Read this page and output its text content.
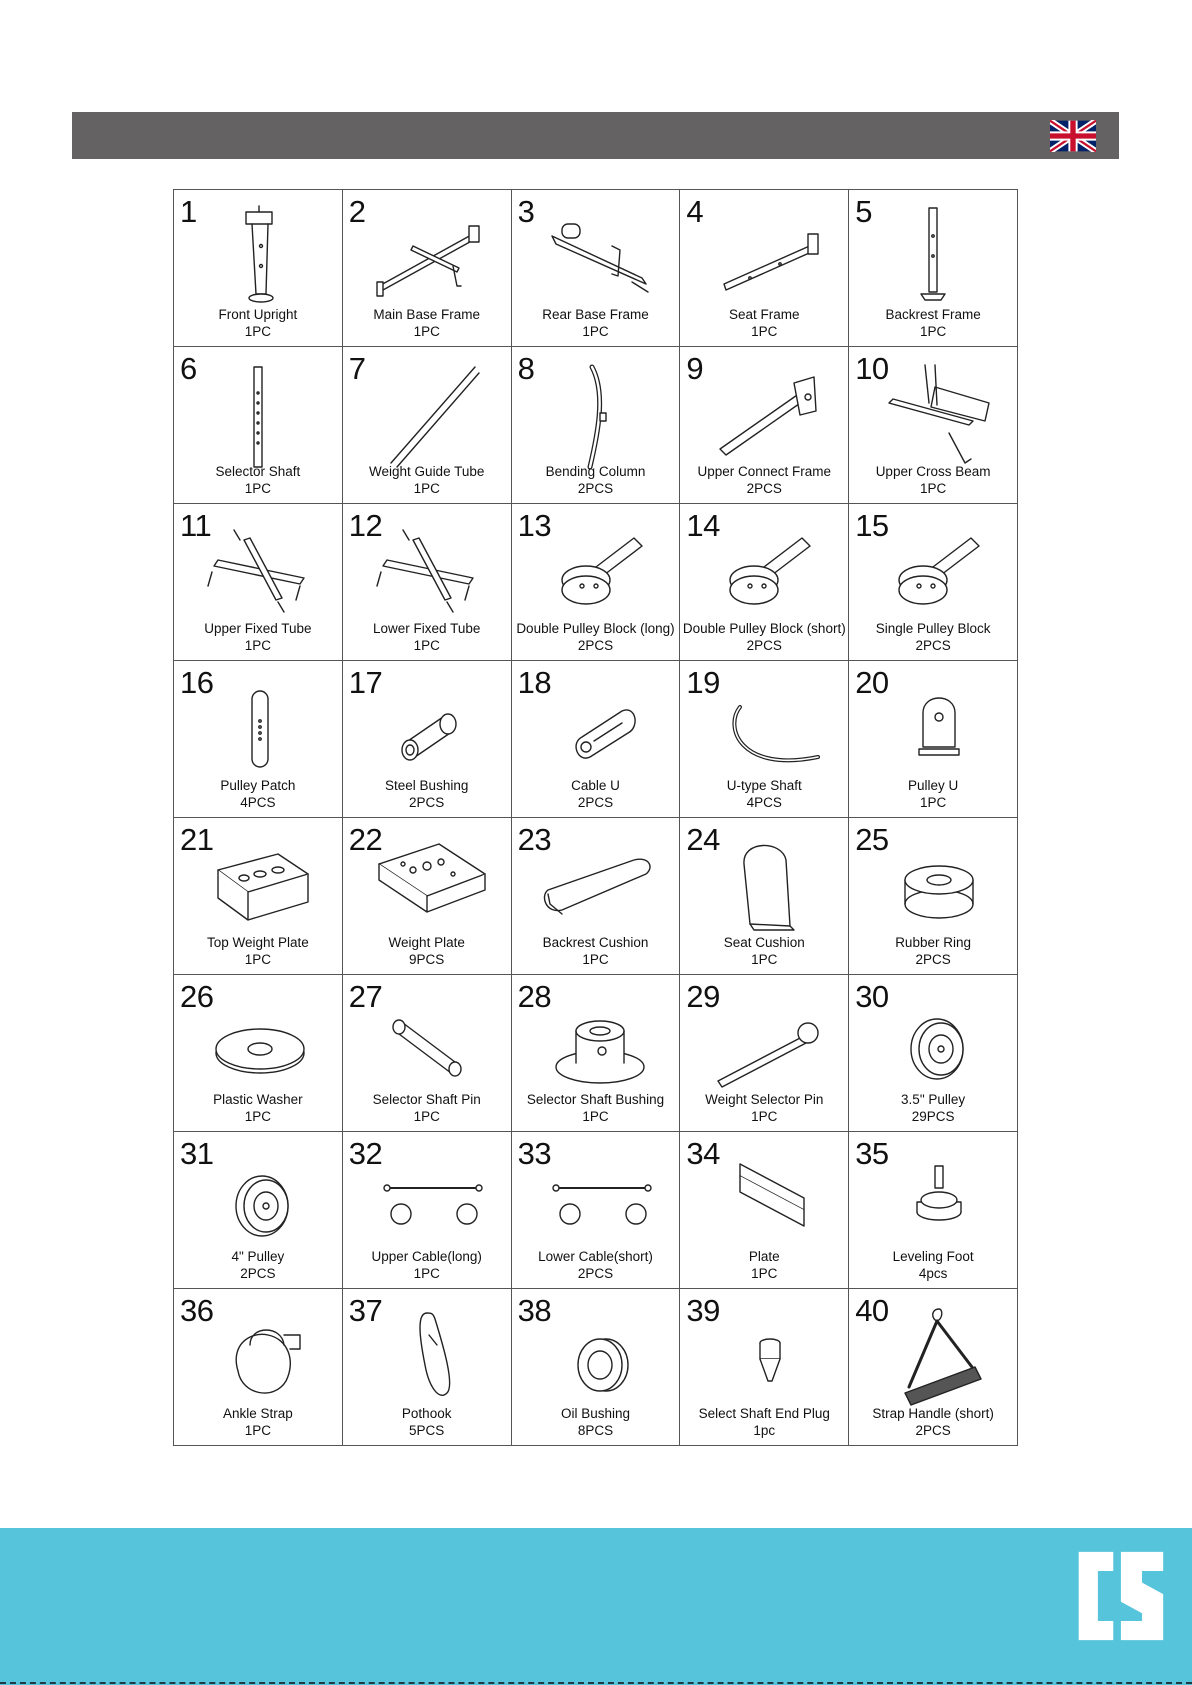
1
Front Upright
1PC
2
Main Base Frame
1PC
3
Rear Base Frame
1PC
4
Seat Frame
1PC
5
Backrest Frame
1PC
6
Selector Shaft
1PC
7
Weight Guide Tube
1PC
8
Bending Column
2PCS
9
Upper Connect Frame
2PCS
10
Upper Cross Beam
1PC
11
Upper Fixed Tube
1PC
12
Lower Fixed Tube
1PC
13
Double Pulley Block (long)
2PCS
14
Double Pulley Block (short)
2PCS
15
Single Pulley Block
2PCS
16
Pulley Patch
4PCS
17
Steel Bushing
2PCS
18
Cable U
2PCS
19
U-type Shaft
4PCS
20
Pulley U
1PC
21
Top Weight Plate
1PC
22
Weight Plate
9PCS
23
Backrest Cushion
1PC
24
Seat Cushion
1PC
25
Rubber Ring
2PCS
26
Plastic Washer
1PC
27
Selector Shaft Pin
1PC
28
Selector Shaft Bushing
1PC
29
Weight Selector Pin
1PC
30
3.5" Pulley
29PCS
31
4" Pulley
2PCS
32
Upper Cable(long)
1PC
33
Lower Cable(short)
2PCS
34
Plate
1PC
35
Leveling Foot
4pcs
36
Ankle Strap
1PC
37
Pothook
5PCS
38
Oil Bushing
8PCS
39
Select Shaft End Plug
1pc
40
Strap Handle (short)
2PCS
